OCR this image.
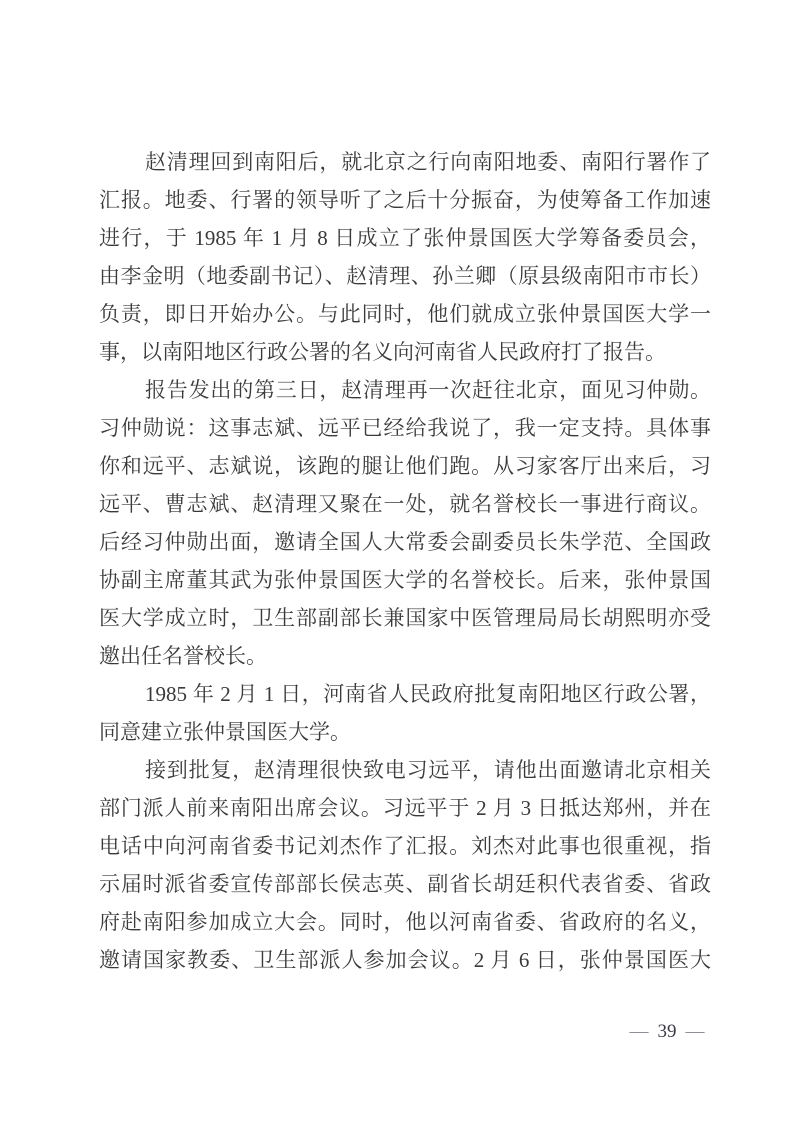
赵清理回到南阳后，就北京之行向南阳地委、南阳行署作了
汇报。地委、行署的领导听了之后十分振奋，为使筹备工作加速
进行，于 1985 年 1 月 8 日成立了张仲景国医大学筹备委员会，
由李金明（地委副书记）、赵清理、孙兰卿（原县级南阳市市长）
负责，即日开始办公。与此同时，他们就成立张仲景国医大学一
事，以南阳地区行政公署的名义向河南省人民政府打了报告。
报告发出的第三日，赵清理再一次赶往北京，面见习仲勋。
习仲勋说：这事志斌、远平已经给我说了，我一定支持。具体事
你和远平、志斌说，该跑的腿让他们跑。从习家客厅出来后，习
远平、曹志斌、赵清理又聚在一处，就名誉校长一事进行商议。
后经习仲勋出面，邀请全国人大常委会副委员长朱学范、全国政
协副主席董其武为张仲景国医大学的名誉校长。后来，张仲景国
医大学成立时，卫生部副部长兼国家中医管理局局长胡熙明亦受
邀出任名誉校长。
1985 年 2 月 1 日，河南省人民政府批复南阳地区行政公署，
同意建立张仲景国医大学。
接到批复，赵清理很快致电习远平，请他出面邀请北京相关
部门派人前来南阳出席会议。习远平于 2 月 3 日抵达郑州，并在
电话中向河南省委书记刘杰作了汇报。刘杰对此事也很重视，指
示届时派省委宣传部部长侯志英、副省长胡廷积代表省委、省政
府赴南阳参加成立大会。同时，他以河南省委、省政府的名义，
邀请国家教委、卫生部派人参加会议。2 月 6 日，张仲景国医大
— 39 —
